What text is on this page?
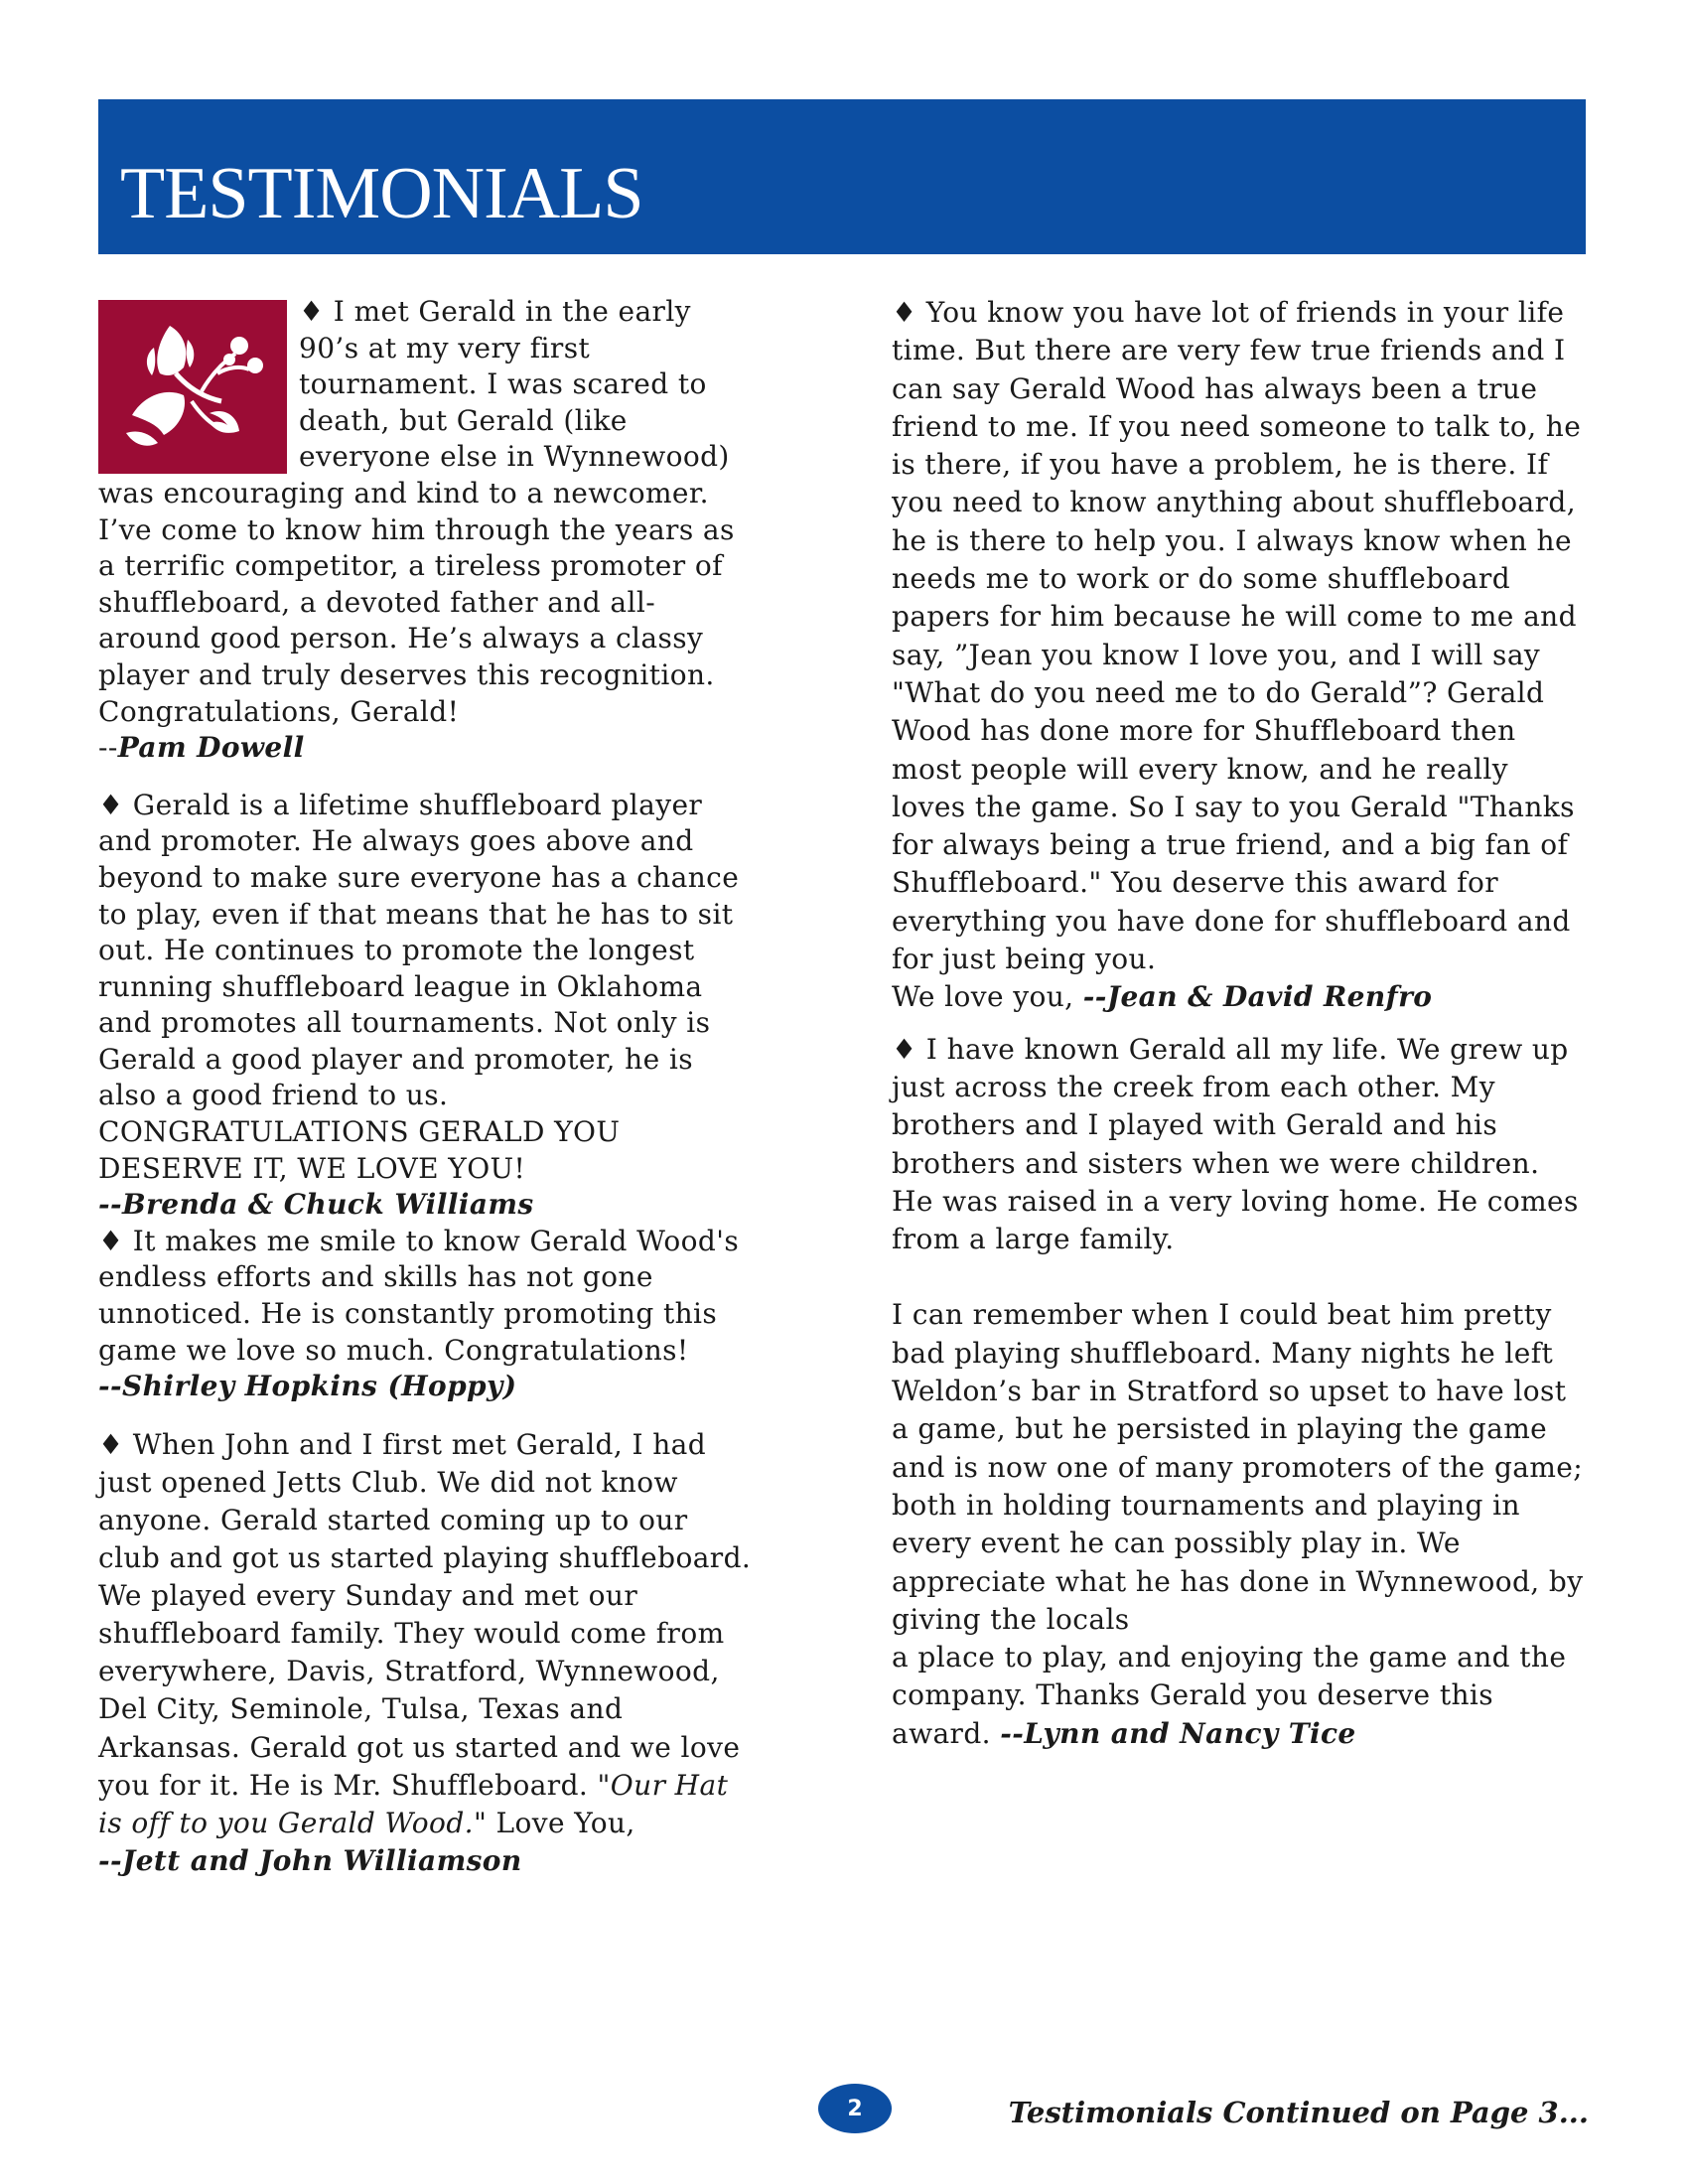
TESTIMONIALS

♦ I met Gerald in the early 90’s at my very first tournament. I was scared to death, but Gerald (like everyone else in Wynnewood) was encouraging and kind to a newcomer. I’ve come to know him through the years as a terrific competitor, a tireless promoter of shuffleboard, a devoted father and all-around good person. He’s always a classy player and truly deserves this recognition. Congratulations, Gerald!

--Pam Dowell

♦ Gerald is a lifetime shuffleboard player and promoter. He always goes above and beyond to make sure everyone has a chance to play, even if that means that he has to sit out. He continues to promote the longest running shuffleboard league in Oklahoma and promotes all tournaments. Not only is Gerald a good player and promoter, he is also a good friend to us. CONGRATULATIONS GERALD YOU DESERVE IT, WE LOVE YOU!

--Brenda & Chuck Williams

♦ It makes me smile to know Gerald Wood's endless efforts and skills has not gone unnoticed. He is constantly promoting this game we love so much. Congratulations!

--Shirley Hopkins (Hoppy)

♦ When John and I first met Gerald, I had just opened Jetts Club. We did not know anyone. Gerald started coming up to our club and got us started playing shuffleboard. We played every Sunday and met our shuffleboard family. They would come from everywhere, Davis, Stratford, Wynnewood, Del City, Seminole, Tulsa, Texas and Arkansas. Gerald got us started and we love you for it. He is Mr. Shuffleboard. "Our Hat is off to you Gerald Wood." Love You,

--Jett and John Williamson

♦ You know you have lot of friends in your life time. But there are very few true friends and I can say Gerald Wood has always been a true friend to me. If you need someone to talk to, he is there, if you have a problem, he is there. If you need to know anything about shuffleboard, he is there to help you. I always know when he needs me to work or do some shuffleboard papers for him because he will come to me and say, ”Jean you know I love you, and I will say "What do you need me to do Gerald”? Gerald Wood has done more for Shuffleboard then most people will every know, and he really loves the game. So I say to you Gerald "Thanks for always being a true friend, and a big fan of Shuffleboard." You deserve this award for everything you have done for shuffleboard and for just being you.

We love you, --Jean & David Renfro

♦ I have known Gerald all my life. We grew up just across the creek from each other. My brothers and I played with Gerald and his brothers and sisters when we were children. He was raised in a very loving home. He comes from a large family.

I can remember when I could beat him pretty bad playing shuffleboard. Many nights he left Weldon’s bar in Stratford so upset to have lost a game, but he persisted in playing the game and is now one of many promoters of the game; both in holding tournaments and playing in every event he can possibly play in. We appreciate what he has done in Wynnewood, by giving the locals

a place to play, and enjoying the game and the company. Thanks Gerald you deserve this award. --Lynn and Nancy Tice

2	Testimonials Continued on Page 3...
